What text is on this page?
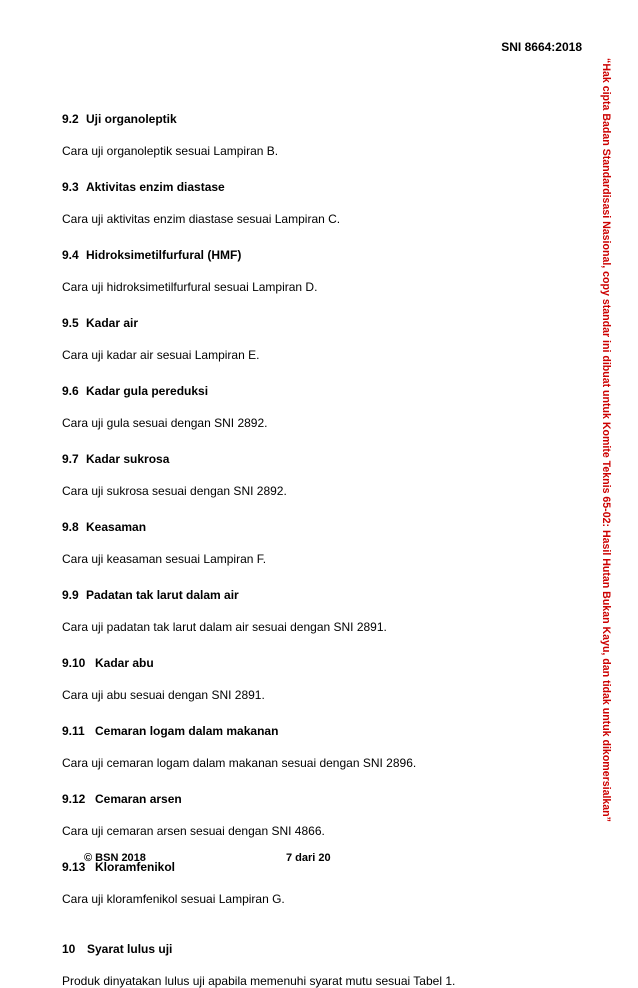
SNI 8664:2018
9.2 Uji organoleptik
Cara uji organoleptik sesuai Lampiran B.
9.3 Aktivitas enzim diastase
Cara uji aktivitas enzim diastase sesuai Lampiran C.
9.4 Hidroksimetilfurfural (HMF)
Cara uji hidroksimetilfurfural sesuai Lampiran D.
9.5 Kadar air
Cara uji kadar air sesuai Lampiran E.
9.6 Kadar gula pereduksi
Cara uji gula sesuai dengan SNI 2892.
9.7 Kadar sukrosa
Cara uji sukrosa sesuai dengan SNI 2892.
9.8 Keasaman
Cara uji keasaman sesuai Lampiran F.
9.9 Padatan tak larut dalam air
Cara uji padatan tak larut dalam air sesuai dengan SNI 2891.
9.10 Kadar abu
Cara uji abu sesuai dengan SNI 2891.
9.11 Cemaran logam dalam makanan
Cara uji cemaran logam dalam makanan sesuai dengan SNI 2896.
9.12 Cemaran arsen
Cara uji cemaran arsen sesuai dengan SNI 4866.
9.13 Kloramfenikol
Cara uji kloramfenikol sesuai Lampiran G.
10 Syarat lulus uji
Produk dinyatakan lulus uji apabila memenuhi syarat mutu sesuai Tabel 1.
“Hak cipta Badan Standardisasi Nasional, copy standar ini dibuat untuk Komite Teknis 65-02: Hasil Hutan Bukan Kayu, dan tidak untuk dikomersialkan”
© BSN 2018	7 dari 20
